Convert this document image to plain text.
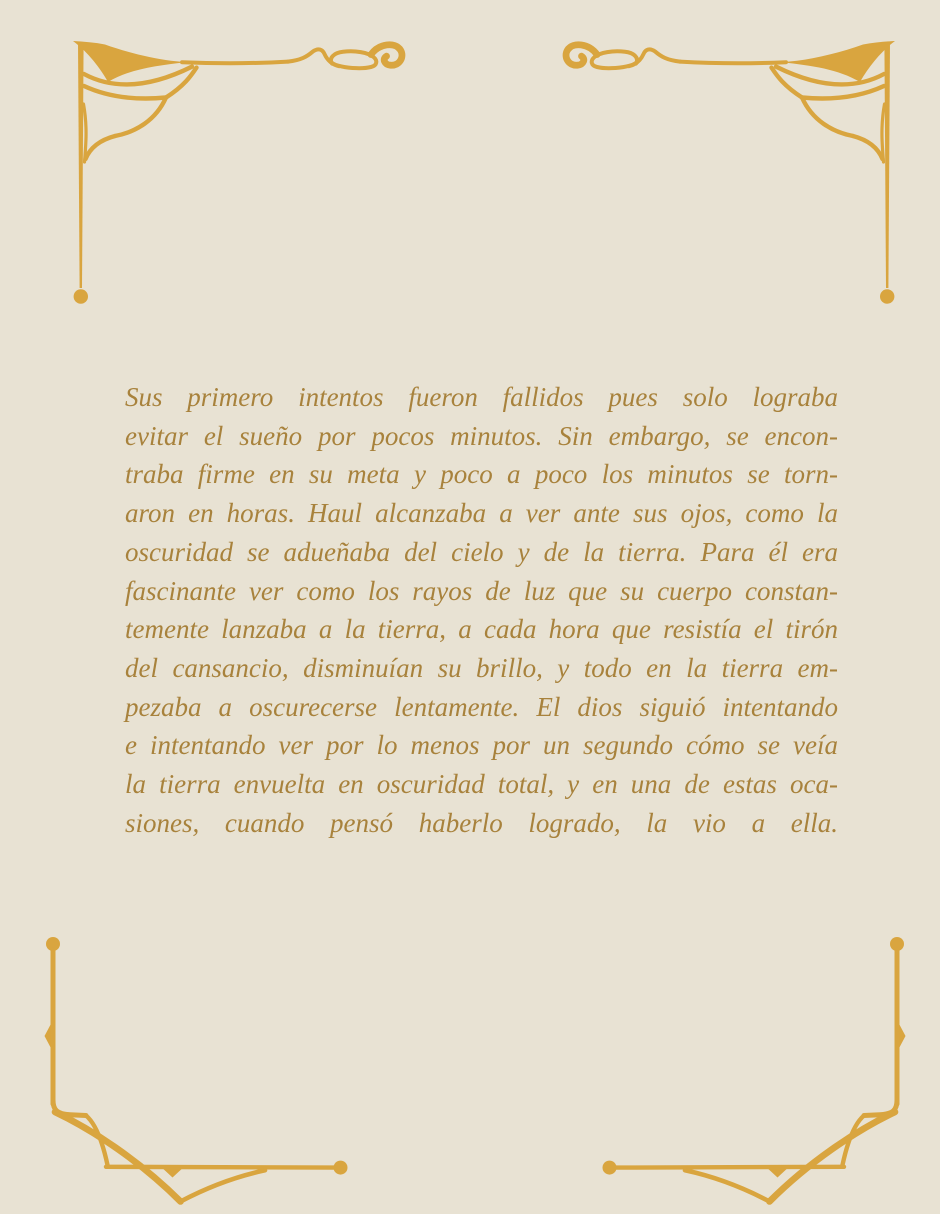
Sus primero intentos fueron fallidos pues solo lograba
evitar el sueño por pocos minutos. Sin embargo, se encon-
traba firme en su meta y poco a poco los minutos se torn-
aron en horas. Haul alcanzaba a ver ante sus ojos, como la
oscuridad se adueñaba del cielo y de la tierra. Para él era
fascinante ver como los rayos de luz que su cuerpo constan-
temente lanzaba a la tierra, a cada hora que resistía el tirón
del cansancio, disminuían su brillo, y todo en la tierra em-
pezaba a oscurecerse lentamente. El dios siguió intentando
e intentando ver por lo menos por un segundo cómo se veía
la tierra envuelta en oscuridad total, y en una de estas oca-
siones, cuando pensó haberlo logrado, la vio a ella.
